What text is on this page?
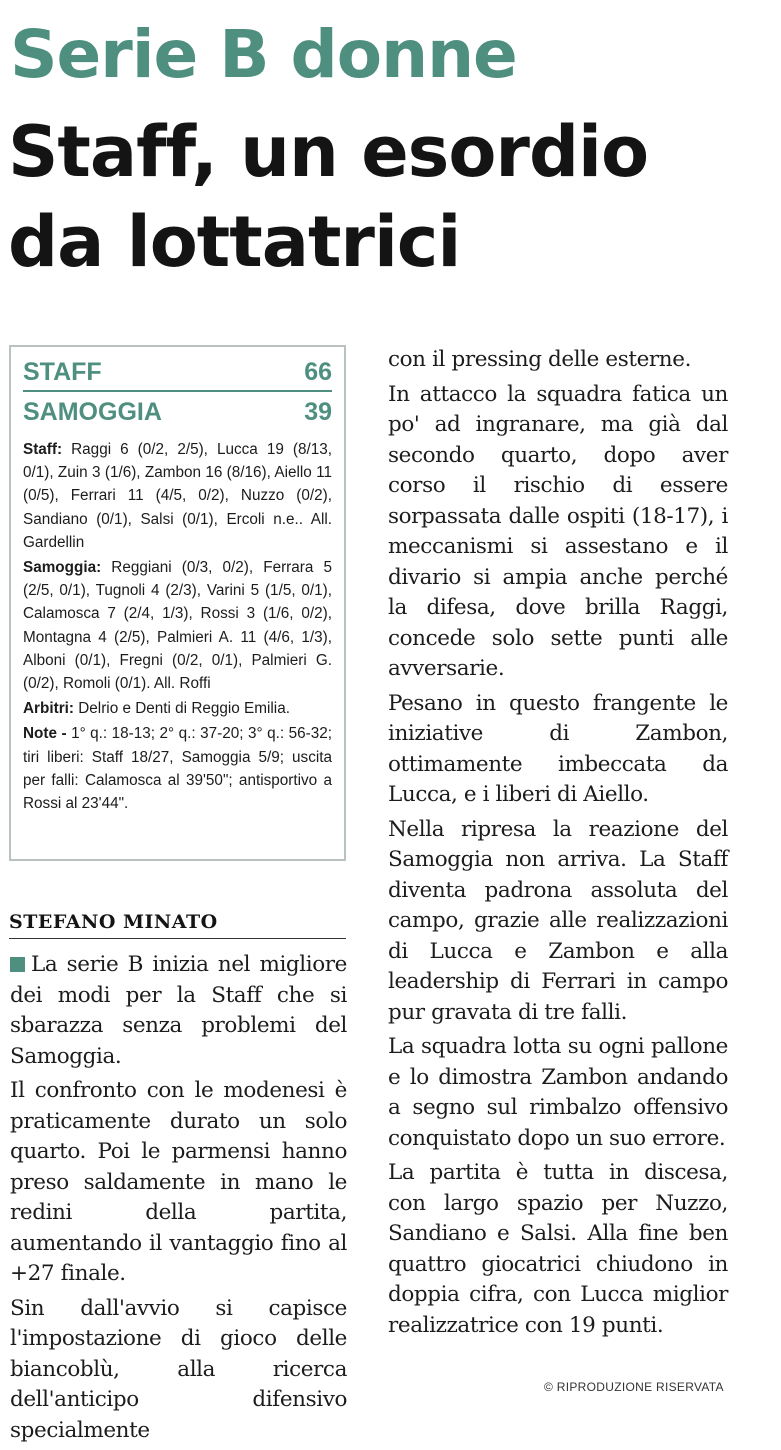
Serie B donne
Staff, un esordio
da lottatrici
STAFF	66
SAMOGGIA	39

Staff: Raggi 6 (0/2, 2/5), Lucca 19 (8/13, 0/1), Zuin 3 (1/6), Zambon 16 (8/16), Aiello 11 (0/5), Ferrari 11 (4/5, 0/2), Nuzzo (0/2), Sandiano (0/1), Salsi (0/1), Ercoli n.e.. All. Gardellin

Samoggia: Reggiani (0/3, 0/2), Ferrara 5 (2/5, 0/1), Tugnoli 4 (2/3), Varini 5 (1/5, 0/1), Calamosca 7 (2/4, 1/3), Rossi 3 (1/6, 0/2), Montagna 4 (2/5), Palmieri A. 11 (4/6, 1/3), Alboni (0/1), Fregni (0/2, 0/1), Palmieri G. (0/2), Romoli (0/1). All. Roffi

Arbitri: Delrio e Denti di Reggio Emilia.

Note - 1° q.: 18-13; 2° q.: 37-20; 3° q.: 56-32; tiri liberi: Staff 18/27, Samoggia 5/9; uscita per falli: Calamosca al 39'50"; antisportivo a Rossi al 23'44".

STEFANO MINATO

La serie B inizia nel migliore dei modi per la Staff che si sbarazza senza problemi del Samoggia.

Il confronto con le modenesi è praticamente durato un solo quarto. Poi le parmensi hanno preso saldamente in mano le redini della partita, aumentando il vantaggio fino al +27 finale.

Sin dall'avvio si capisce l'impostazione di gioco delle biancoblù, alla ricerca dell'anticipo difensivo specialmente

con il pressing delle esterne.

In attacco la squadra fatica un po' ad ingranare, ma già dal secondo quarto, dopo aver corso il rischio di essere sorpassata dalle ospiti (18-17), i meccanismi si assestano e il divario si ampia anche perché la difesa, dove brilla Raggi, concede solo sette punti alle avversarie.

Pesano in questo frangente le iniziative di Zambon, ottimamente imbeccata da Lucca, e i liberi di Aiello.

Nella ripresa la reazione del Samoggia non arriva. La Staff diventa padrona assoluta del campo, grazie alle realizzazioni di Lucca e Zambon e alla leadership di Ferrari in campo pur gravata di tre falli.

La squadra lotta su ogni pallone e lo dimostra Zambon andando a segno sul rimbalzo offensivo conquistato dopo un suo errore.

La partita è tutta in discesa, con largo spazio per Nuzzo, Sandiano e Salsi. Alla fine ben quattro giocatrici chiudono in doppia cifra, con Lucca miglior realizzatrice con 19 punti.

© RIPRODUZIONE RISERVATA
